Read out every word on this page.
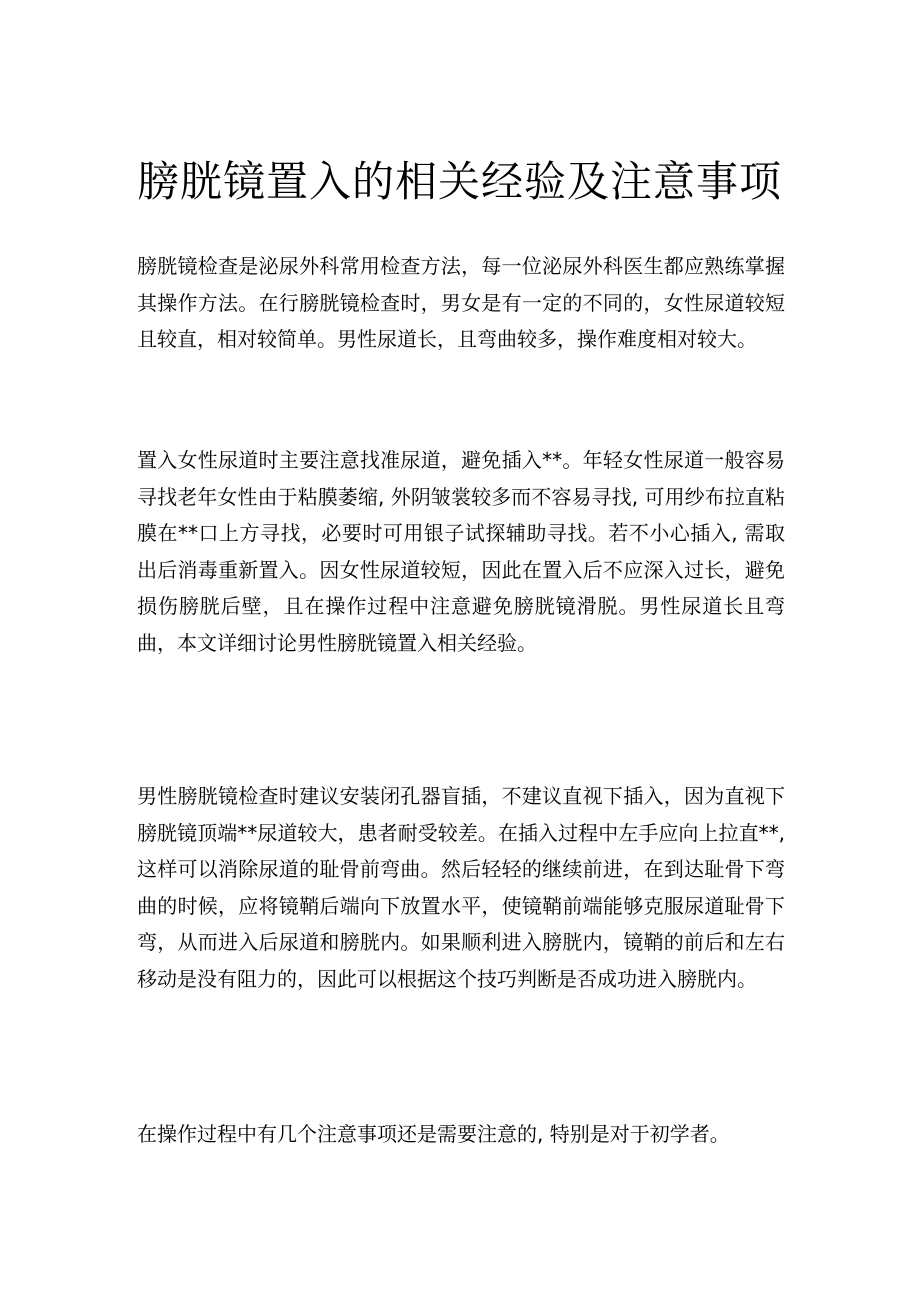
膀胱镜置入的相关经验及注意事项

膀胱镜检查是泌尿外科常用检查方法，每一位泌尿外科医生都应熟练掌握其操作方法。在行膀胱镜检查时，男女是有一定的不同的，女性尿道较短且较直，相对较简单。男性尿道长，且弯曲较多，操作难度相对较大。

置入女性尿道时主要注意找准尿道，避免插入**。年轻女性尿道一般容易寻找老年女性由于粘膜萎缩, 外阴皱裳较多而不容易寻找, 可用纱布拉直粘膜在**口上方寻找，必要时可用银子试探辅助寻找。若不小心插入, 需取出后消毒重新置入。因女性尿道较短，因此在置入后不应深入过长，避免损伤膀胱后壁，且在操作过程中注意避免膀胱镜滑脱。男性尿道长且弯曲，本文详细讨论男性膀胱镜置入相关经验。

男性膀胱镜检查时建议安装闭孔器盲插，不建议直视下插入，因为直视下膀胱镜顶端**尿道较大，患者耐受较差。在插入过程中左手应向上拉直**, 这样可以消除尿道的耻骨前弯曲。然后轻轻的继续前进，在到达耻骨下弯曲的时候，应将镜鞘后端向下放置水平，使镜鞘前端能够克服尿道耻骨下弯，从而进入后尿道和膀胱内。如果顺利进入膀胱内，镜鞘的前后和左右移动是没有阻力的，因此可以根据这个技巧判断是否成功进入膀胱内。

在操作过程中有几个注意事项还是需要注意的, 特别是对于初学者。
